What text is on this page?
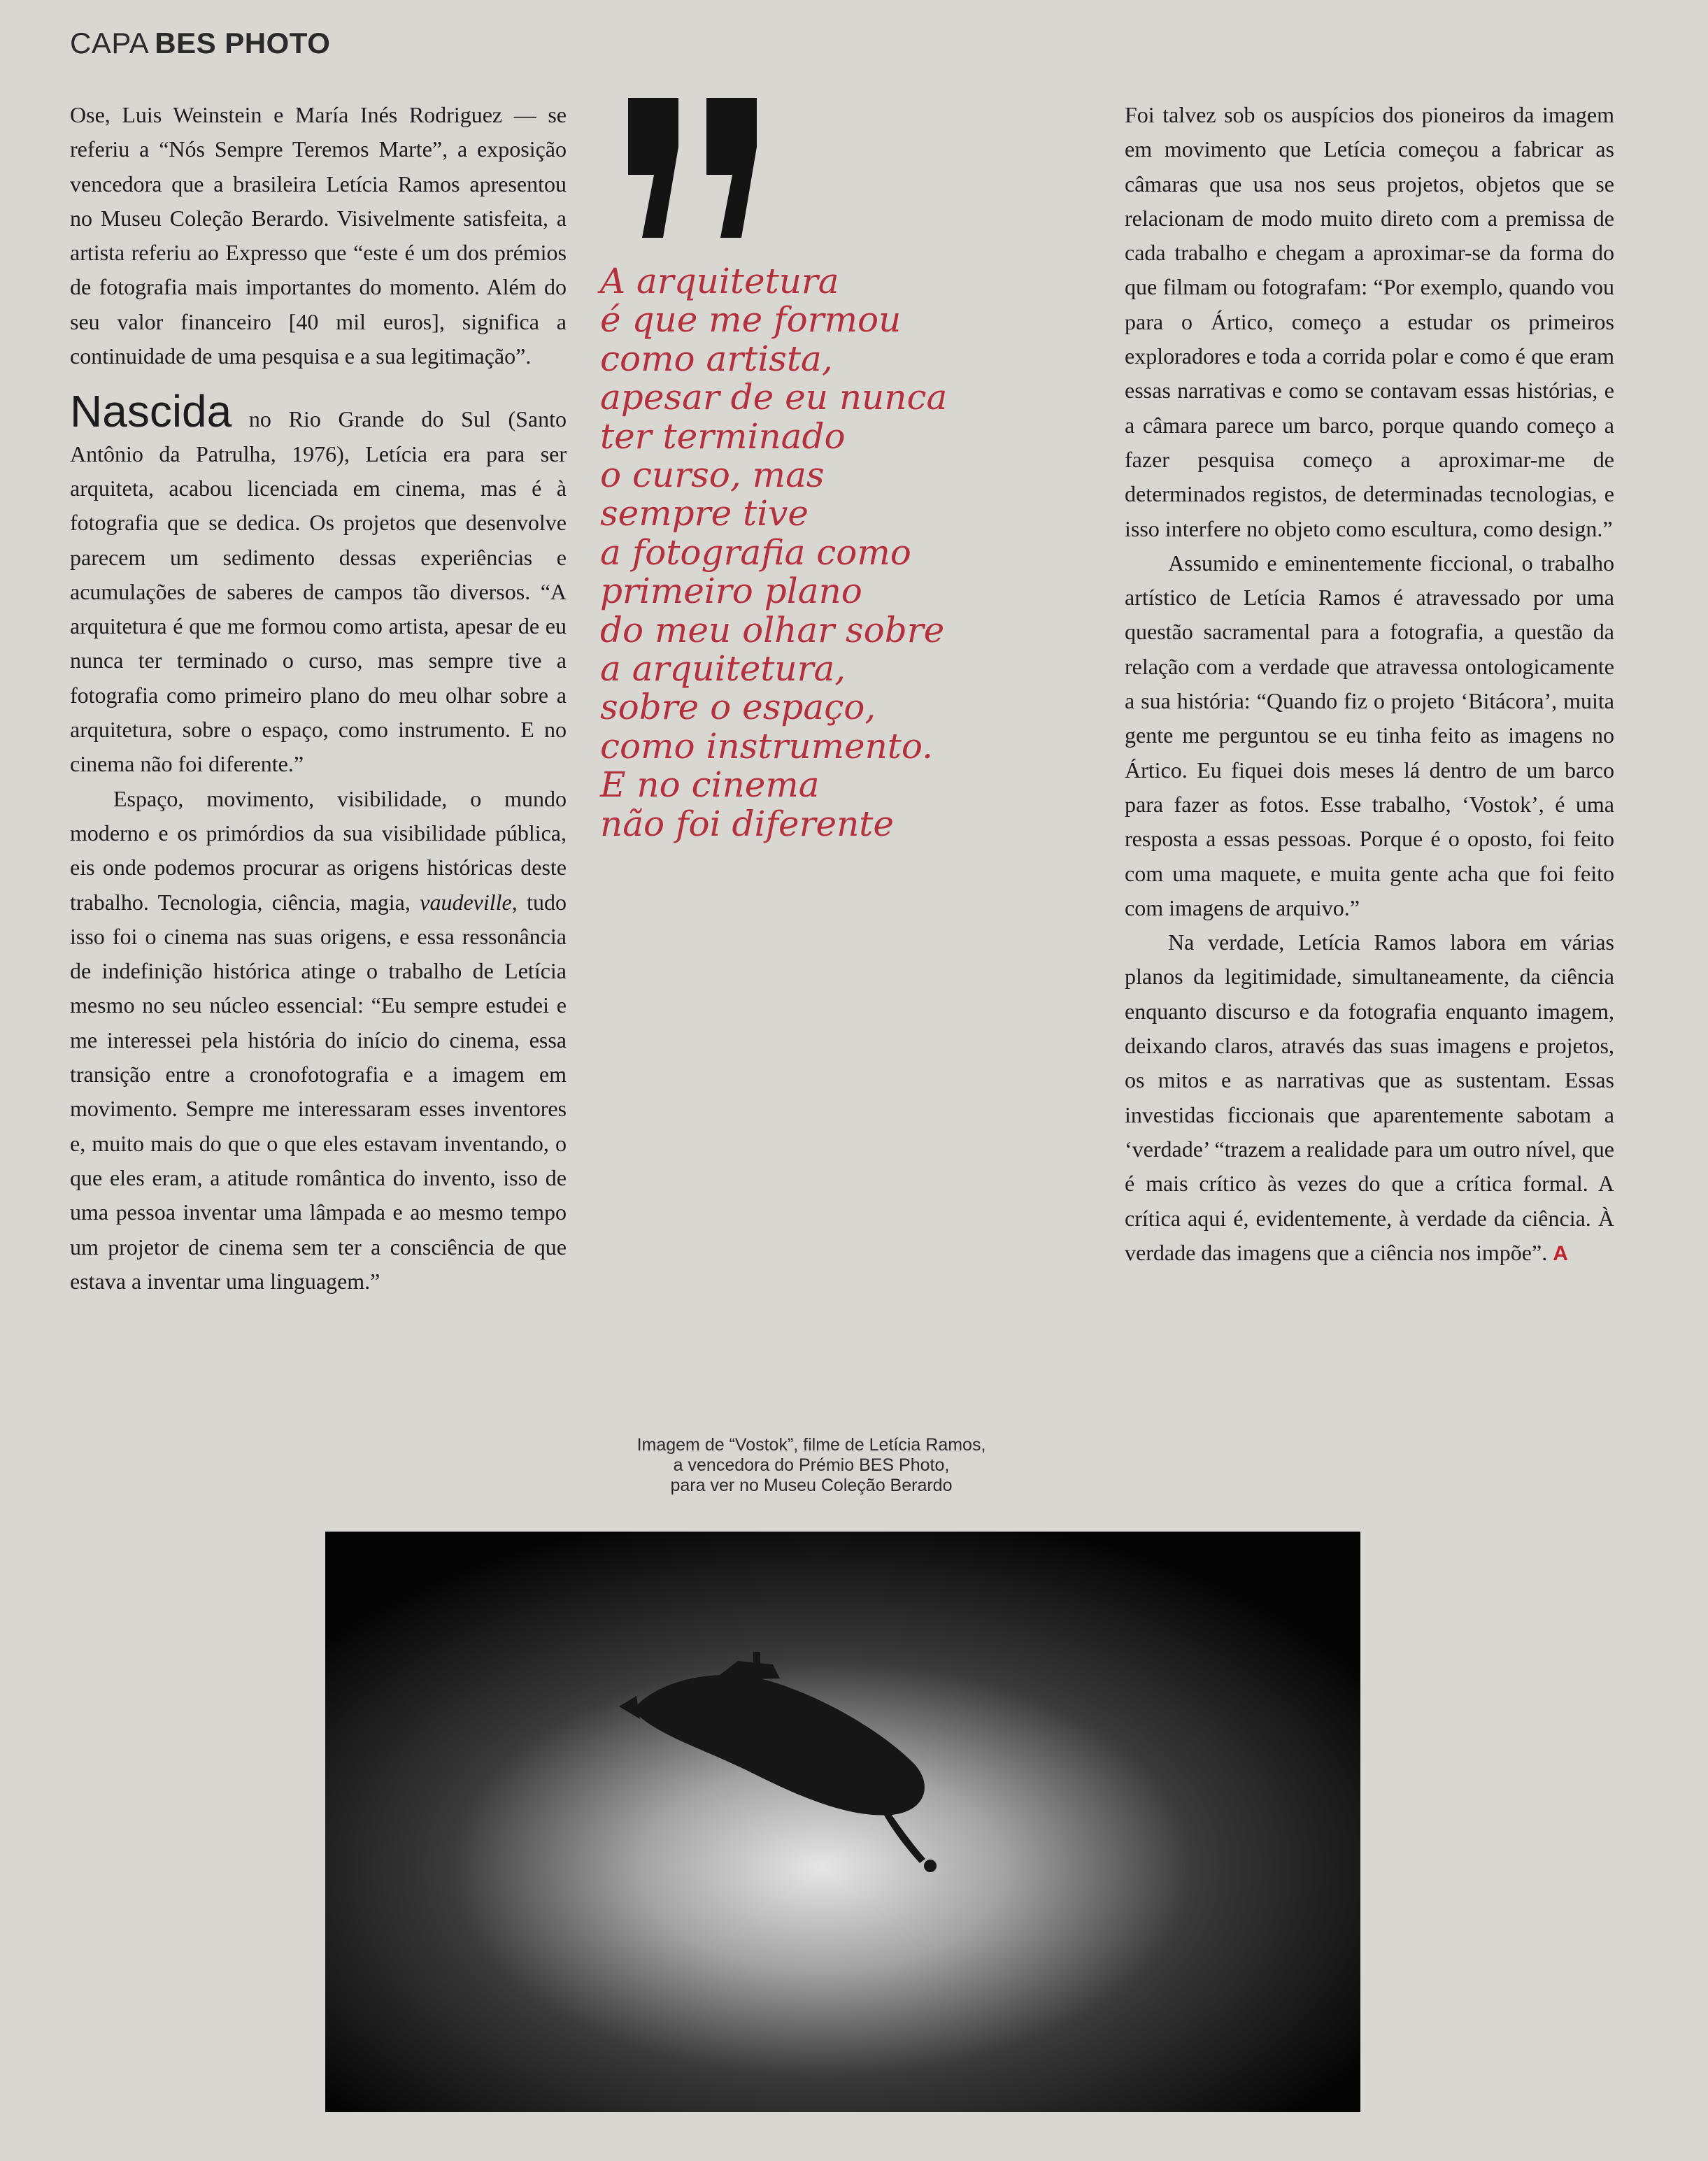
CAPA BES PHOTO

Ose, Luis Weinstein e María Inés Rodriguez — se referiu a “Nós Sempre Teremos Marte”, a exposição vencedora que a brasileira Letícia Ramos apresentou no Museu Coleção Berardo. Visivelmente satisfeita, a artista referiu ao Expresso que “este é um dos prémios de fotografia mais importantes do momento. Além do seu valor financeiro [40 mil euros], significa a continuidade de uma pesquisa e a sua legitimação”.

Nascida no Rio Grande do Sul (Santo Antônio da Patrulha, 1976), Letícia era para ser arquiteta, acabou licenciada em cinema, mas é à fotografia que se dedica. Os projetos que desenvolve parecem um sedimento dessas experiências e acumulações de saberes de campos tão diversos. “A arquitetura é que me formou como artista, apesar de eu nunca ter terminado o curso, mas sempre tive a fotografia como primeiro plano do meu olhar sobre a arquitetura, sobre o espaço, como instrumento. E no cinema não foi diferente.”

Espaço, movimento, visibilidade, o mundo moderno e os primórdios da sua visibilidade pública, eis onde podemos procurar as origens históricas deste trabalho. Tecnologia, ciência, magia, vaudeville, tudo isso foi o cinema nas suas origens, e essa ressonância de indefinição histórica atinge o trabalho de Letícia mesmo no seu núcleo essencial: “Eu sempre estudei e me interessei pela história do início do cinema, essa transição entre a cronofotografia e a imagem em movimento. Sempre me interessaram esses inventores e, muito mais do que o que eles estavam inventando, o que eles eram, a atitude romântica do invento, isso de uma pessoa inventar uma lâmpada e ao mesmo tempo um projetor de cinema sem ter a consciência de que estava a inventar uma linguagem.”

A arquitetura
é que me formou
como artista,
apesar de eu nunca
ter terminado
o curso, mas
sempre tive
a fotografia como
primeiro plano
do meu olhar sobre
a arquitetura,
sobre o espaço,
como instrumento.
E no cinema
não foi diferente
Imagem de “Vostok”, filme de Letícia Ramos,
a vencedora do Prémio BES Photo,
para ver no Museu Coleção Berardo

Foi talvez sob os auspícios dos pioneiros da imagem em movimento que Letícia começou a fabricar as câmaras que usa nos seus projetos, objetos que se relacionam de modo muito direto com a premissa de cada trabalho e chegam a aproximar-se da forma do que filmam ou fotografam: “Por exemplo, quando vou para o Ártico, começo a estudar os primeiros exploradores e toda a corrida polar e como é que eram essas narrativas e como se contavam essas histórias, e a câmara parece um barco, porque quando começo a fazer pesquisa começo a aproximar-me de determinados registos, de determinadas tecnologias, e isso interfere no objeto como escultura, como design.”

Assumido e eminentemente ficcional, o trabalho artístico de Letícia Ramos é atravessado por uma questão sacramental para a fotografia, a questão da relação com a verdade que atravessa ontologicamente a sua história: “Quando fiz o projeto ‘Bitácora’, muita gente me perguntou se eu tinha feito as imagens no Ártico. Eu fiquei dois meses lá dentro de um barco para fazer as fotos. Esse trabalho, ‘Vostok’, é uma resposta a essas pessoas. Porque é o oposto, foi feito com uma maquete, e muita gente acha que foi feito com imagens de arquivo.”

Na verdade, Letícia Ramos labora em várias planos da legitimidade, simultaneamente, da ciência enquanto discurso e da fotografia enquanto imagem, deixando claros, através das suas imagens e projetos, os mitos e as narrativas que as sustentam. Essas investidas ficcionais que aparentemente sabotam a ‘verdade’ “trazem a realidade para um outro nível, que é mais crítico às vezes do que a crítica formal. A crítica aqui é, evidentemente, à verdade da ciência. À verdade das imagens que a ciência nos impõe”. A
